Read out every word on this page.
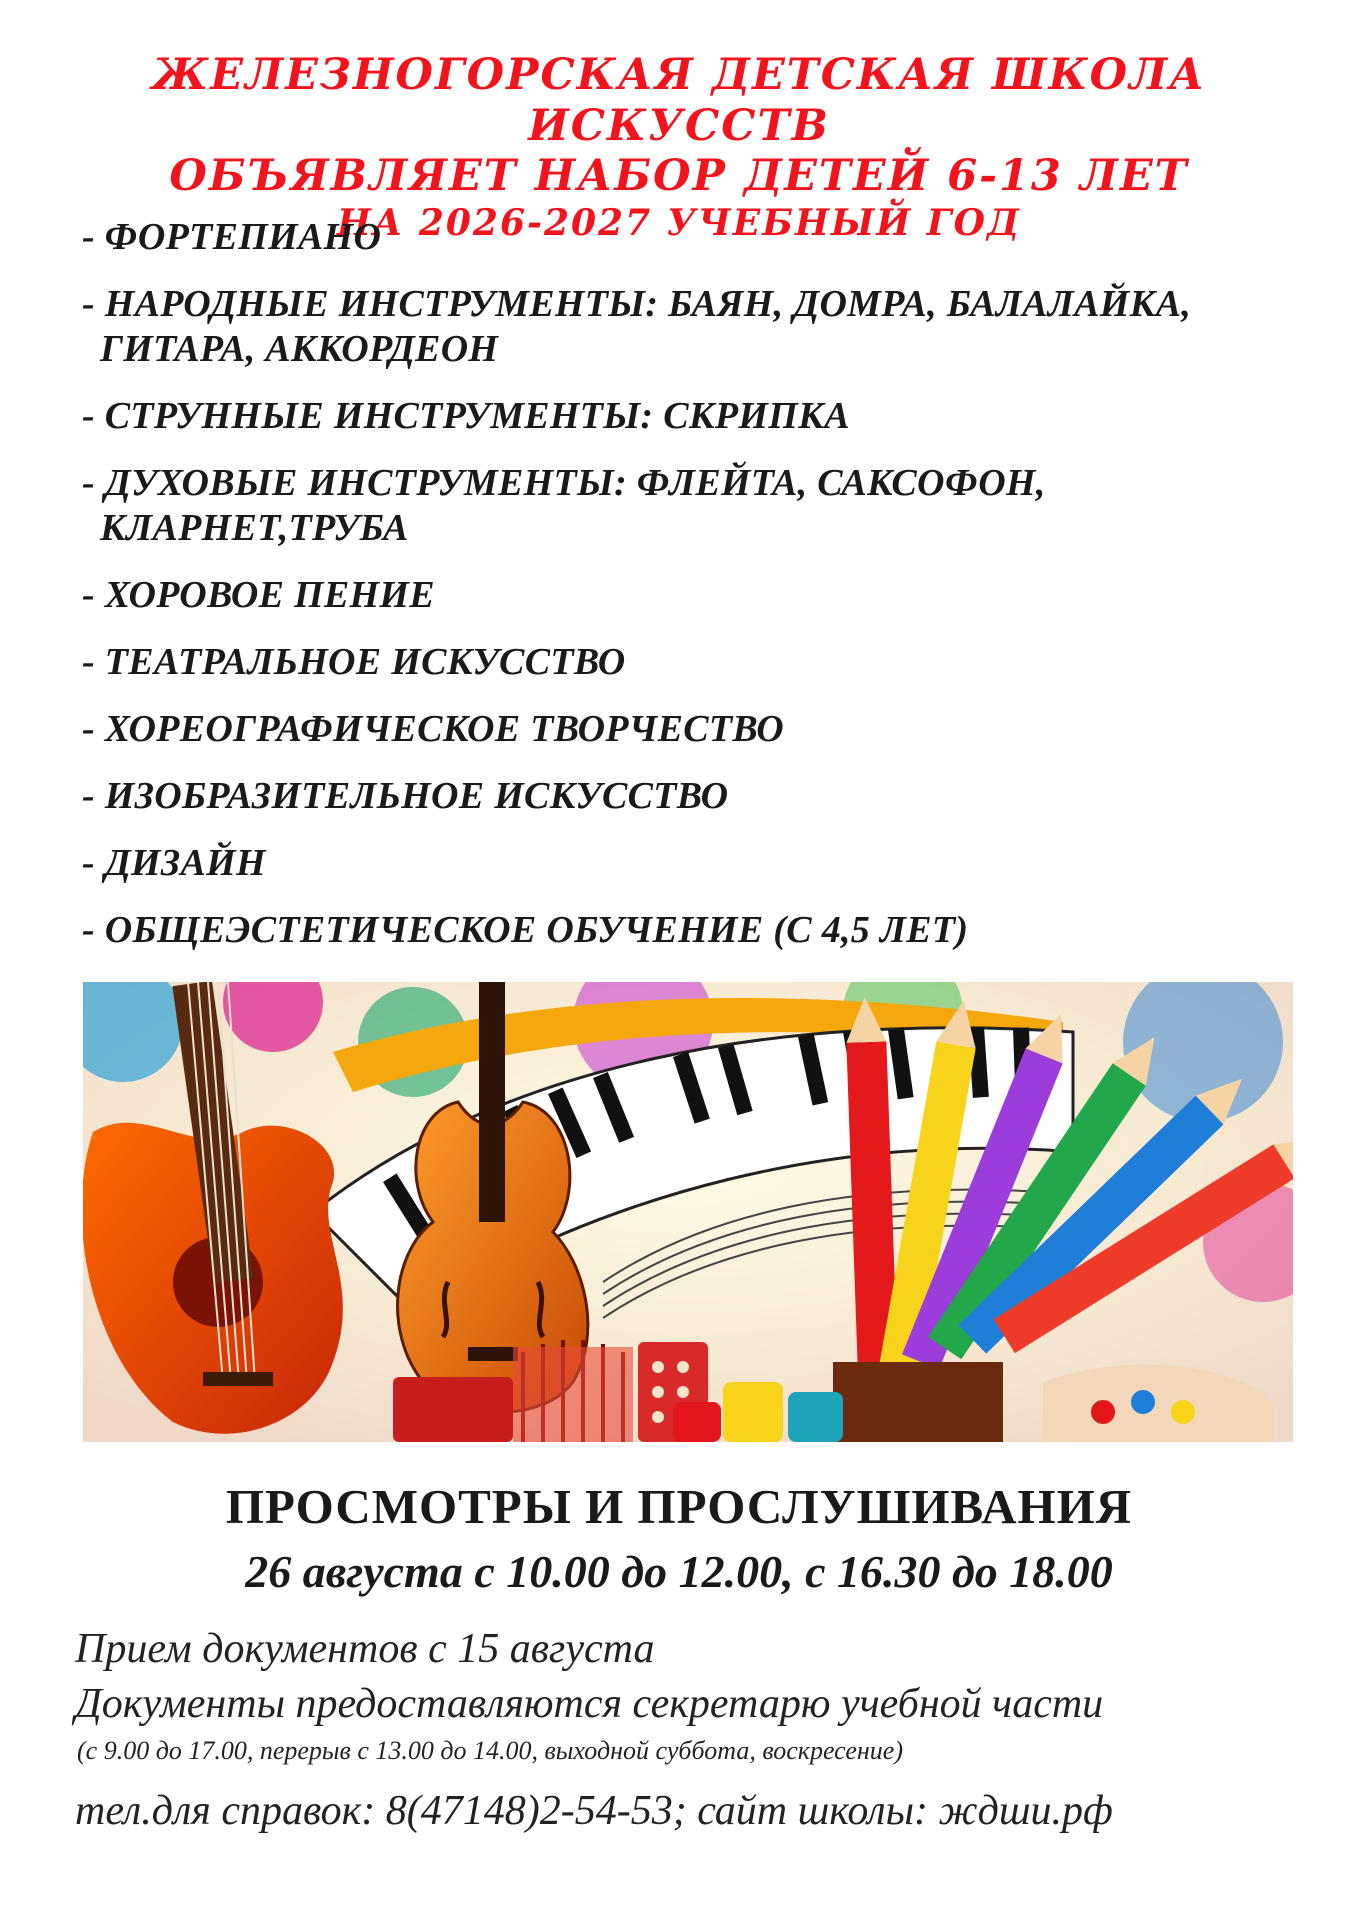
ЖЕЛЕЗНОГОРСКАЯ ДЕТСКАЯ ШКОЛА ИСКУССТВ
ОБЪЯВЛЯЕТ НАБОР ДЕТЕЙ 6-13 ЛЕТ
НА 2026-2027 УЧЕБНЫЙ ГОД
- ФОРТЕПИАНО
- НАРОДНЫЕ ИНСТРУМЕНТЫ: БАЯН, ДОМРА, БАЛАЛАЙКА,
ГИТАРА, АККОРДЕОН
- СТРУННЫЕ ИНСТРУМЕНТЫ: СКРИПКА
- ДУХОВЫЕ ИНСТРУМЕНТЫ: ФЛЕЙТА, САКСОФОН,
КЛАРНЕТ,ТРУБА
- ХОРОВОЕ ПЕНИЕ
- ТЕАТРАЛЬНОЕ ИСКУССТВО
- ХОРЕОГРАФИЧЕСКОЕ ТВОРЧЕСТВО
- ИЗОБРАЗИТЕЛЬНОЕ ИСКУССТВО
- ДИЗАЙН
- ОБЩЕЭСТЕТИЧЕСКОЕ ОБУЧЕНИЕ (С 4,5 ЛЕТ)
ПРОСМОТРЫ И ПРОСЛУШИВАНИЯ
26 августа с 10.00 до 12.00, с 16.30 до 18.00
Прием документов с 15 августа
Документы предоставляются секретарю учебной части
(с 9.00 до 17.00, перерыв с 13.00 до 14.00, выходной суббота, воскресение)
тел.для справок: 8(47148)2-54-53; сайт школы: ждши.рф
